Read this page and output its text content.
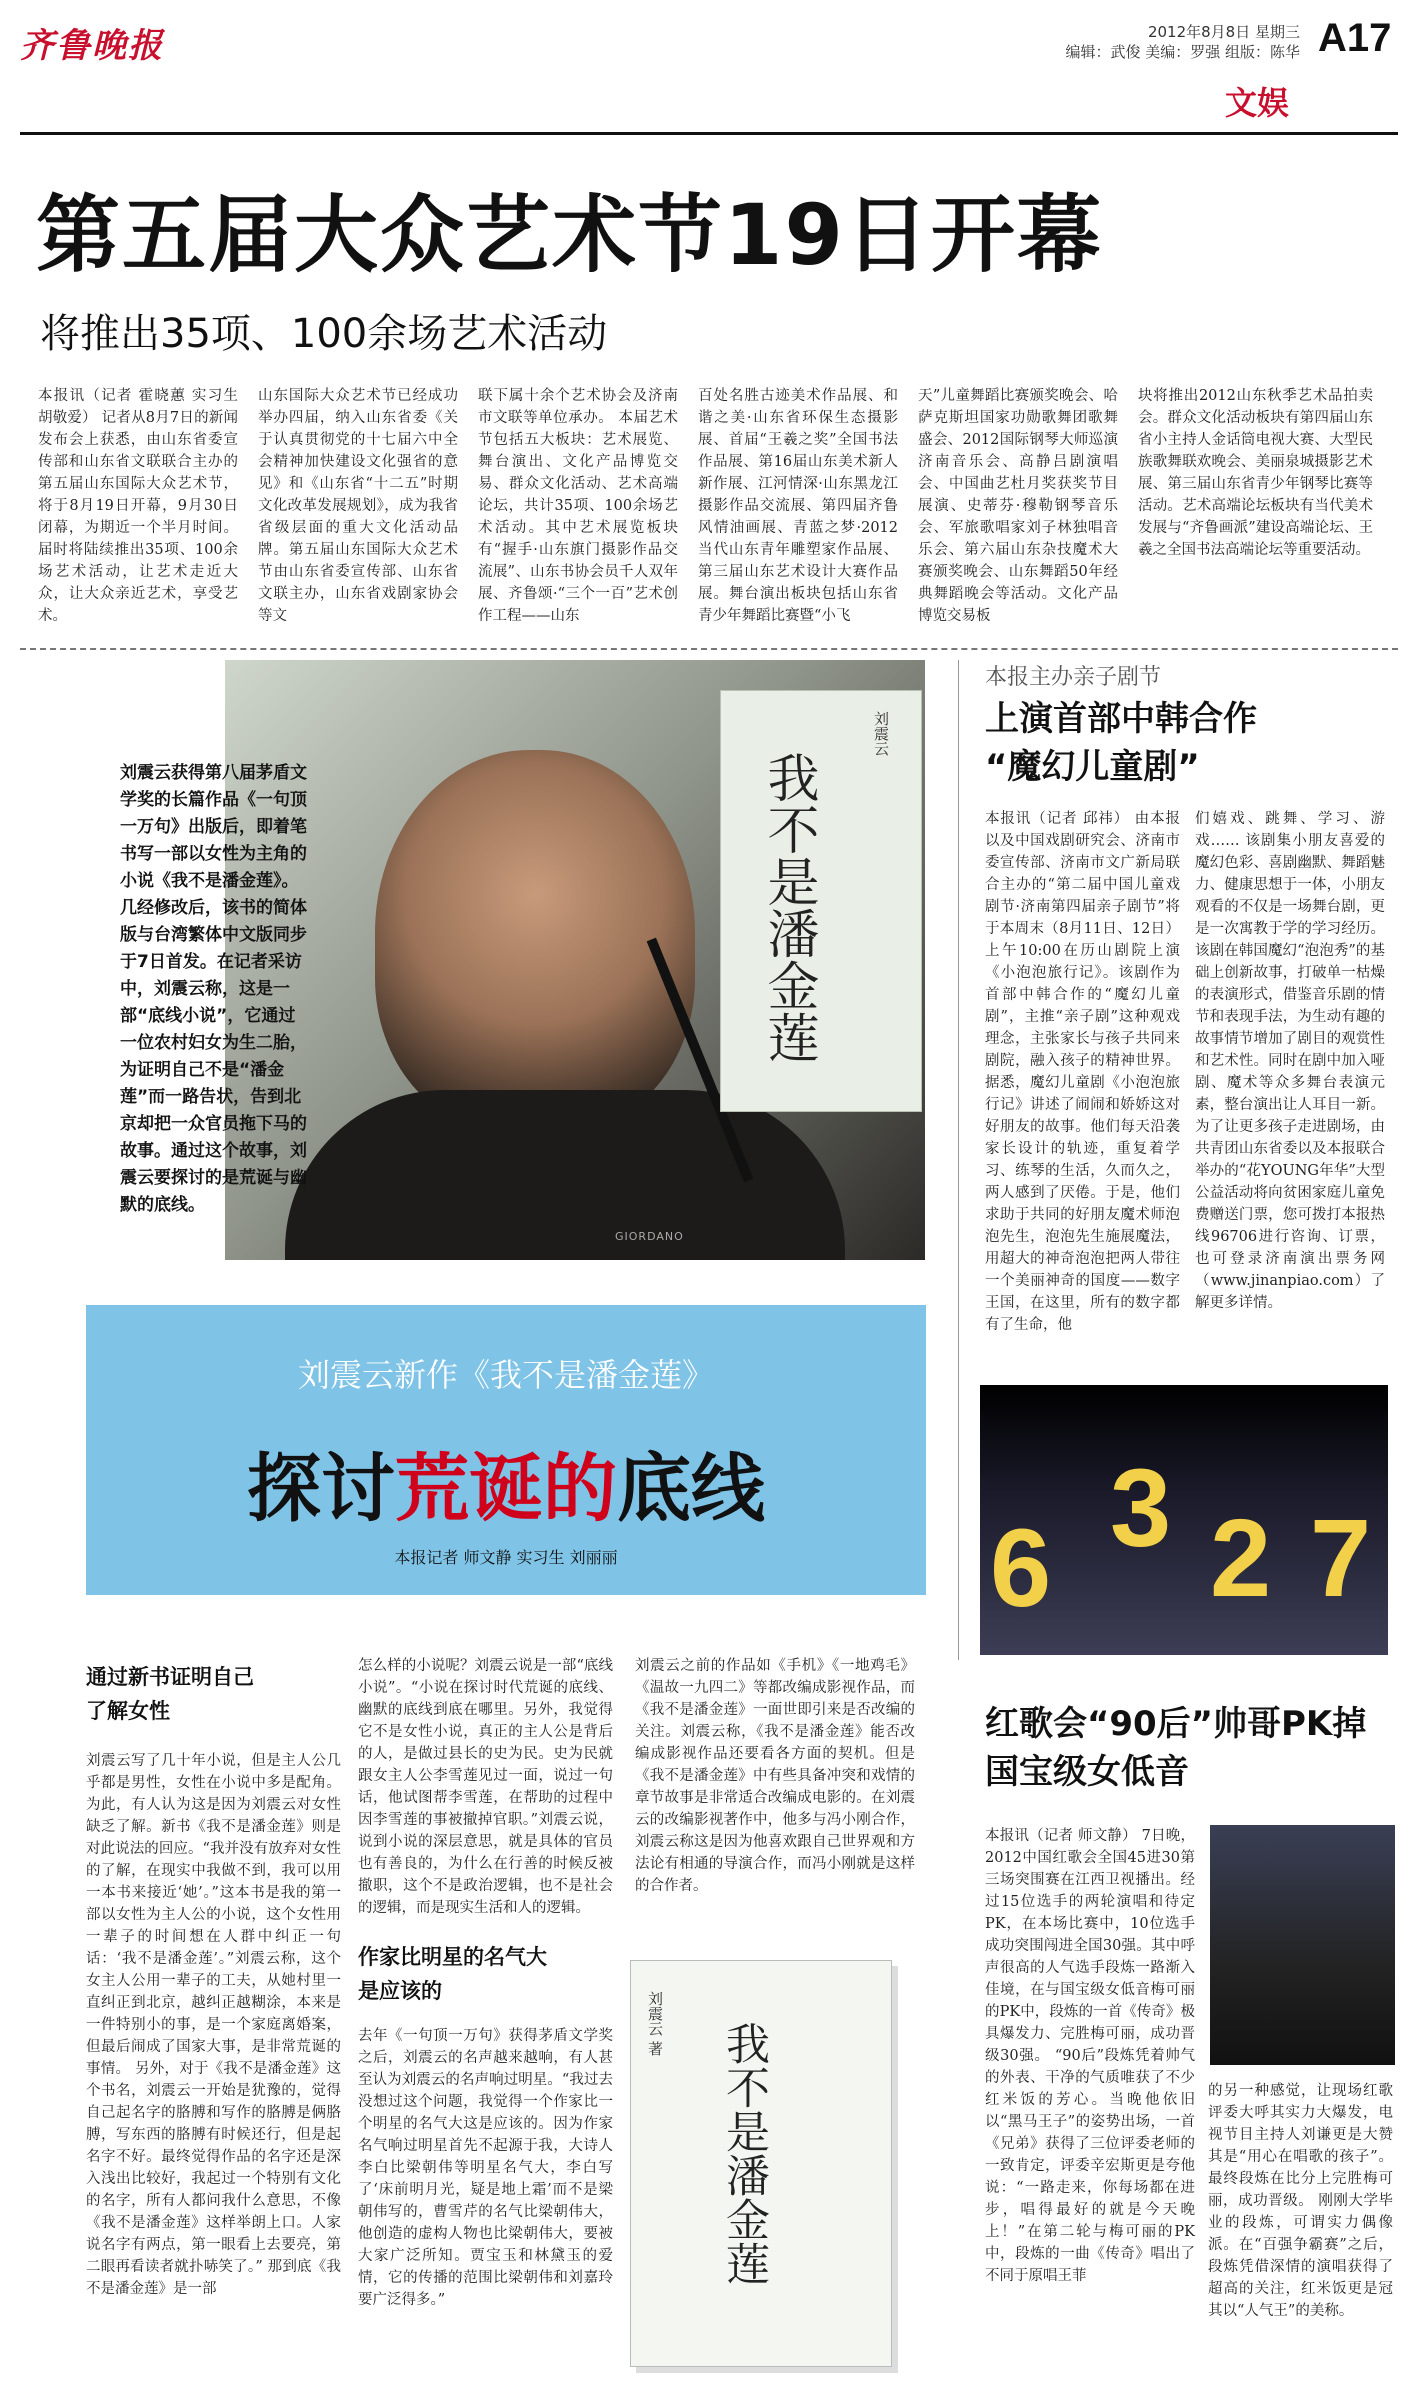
齐鲁晚报	2012年8月8日 星期三
编辑：武俊 美编：罗强 组版：陈华 A17
文娱
第五届大众艺术节19日开幕
将推出35项、100余场艺术活动
本报讯（记者 霍晓蕙 实习生 胡敬爱） 记者从8月7日的新闻发布会上获悉，由山东省委宣传部和山东省文联联合主办的第五届山东国际大众艺术节，将于8月19日开幕，9月30日闭幕，为期近一个半月时间。届时将陆续推出35项、100余场艺术活动，让艺术走近大众，让大众亲近艺术，享受艺术。
山东国际大众艺术节已经成功举办四届，纳入山东省委《关于认真贯彻党的十七届六中全会精神加快建设文化强省的意见》和《山东省“十二五”时期文化改革发展规划》，成为我省省级层面的重大文化活动品牌。第五届山东国际大众艺术节由山东省委宣传部、山东省文联主办，山东省戏剧家协会等文
联下属十余个艺术协会及济南市文联等单位承办。 本届艺术节包括五大板块：艺术展览、舞台演出、文化产品博览交易、群众文化活动、艺术高端论坛，共计35项、100余场艺术活动。其中艺术展览板块有“握手·山东旗门摄影作品交流展”、山东书协会员千人双年展、齐鲁颂·“三个一百”艺术创作工程——山东
百处名胜古迹美术作品展、和谐之美·山东省环保生态摄影展、首届“王羲之奖”全国书法作品展、第16届山东美术新人新作展、江河情深·山东黑龙江摄影作品交流展、第四届齐鲁风情油画展、青蓝之梦·2012当代山东青年雕塑家作品展、第三届山东艺术设计大赛作品展。舞台演出板块包括山东省青少年舞蹈比赛暨“小飞
天”儿童舞蹈比赛颁奖晚会、哈萨克斯坦国家功勋歌舞团歌舞盛会、2012国际钢琴大师巡演济南音乐会、高静吕剧演唱会、中国曲艺杜月奖获奖节目展演、史蒂芬·穆勒钢琴音乐会、军旅歌唱家刘子林独唱音乐会、第六届山东杂技魔术大赛颁奖晚会、山东舞蹈50年经典舞蹈晚会等活动。文化产品博览交易板
块将推出2012山东秋季艺术品拍卖会。群众文化活动板块有第四届山东省小主持人金话筒电视大赛、大型民族歌舞联欢晚会、美丽泉城摄影艺术展、第三届山东省青少年钢琴比赛等活动。艺术高端论坛板块有当代美术发展与“齐鲁画派”建设高端论坛、王羲之全国书法高端论坛等重要活动。
GIORDANO
我不是潘金莲
刘震云
刘震云获得第八届茅盾文学奖的长篇作品《一句顶一万句》出版后，即着笔书写一部以女性为主角的小说《我不是潘金莲》。几经修改后，该书的简体版与台湾繁体中文版同步于7日首发。在记者采访中，刘震云称，这是一部“底线小说”，它通过一位农村妇女为生二胎，为证明自己不是“潘金莲”而一路告状，告到北京却把一众官员拖下马的故事。通过这个故事，刘震云要探讨的是荒诞与幽默的底线。
刘震云新作《我不是潘金莲》
探讨荒诞的底线
本报记者 师文静 实习生 刘丽丽
通过新书证明自己
了解女性
刘震云写了几十年小说，但是主人公几乎都是男性，女性在小说中多是配角。为此，有人认为这是因为刘震云对女性缺乏了解。新书《我不是潘金莲》则是对此说法的回应。“我并没有放弃对女性的了解，在现实中我做不到，我可以用一本书来接近‘她’。”这本书是我的第一部以女性为主人公的小说，这个女性用一辈子的时间想在人群中纠正一句话：‘我不是潘金莲’。”刘震云称，这个女主人公用一辈子的工夫，从她村里一直纠正到北京，越纠正越糊涂，本来是一件特别小的事，是一个家庭离婚案，但最后闹成了国家大事，是非常荒诞的事情。 另外，对于《我不是潘金莲》这个书名，刘震云一开始是犹豫的，觉得自己起名字的胳膊和写作的胳膊是俩胳膊，写东西的胳膊有时候还行，但是起名字不好。最终觉得作品的名字还是深入浅出比较好，我起过一个特别有文化的名字，所有人都问我什么意思，不像《我不是潘金莲》这样举朗上口。人家说名字有两点，第一眼看上去要亮，第二眼再看读者就扑哧笑了。” 那到底《我不是潘金莲》是一部
怎么样的小说呢？刘震云说是一部“底线小说”。“小说在探讨时代荒诞的底线、幽默的底线到底在哪里。另外，我觉得它不是女性小说，真正的主人公是背后的人，是做过县长的史为民。史为民就跟女主人公李雪莲见过一面，说过一句话，他试图帮李雪莲，在帮助的过程中因李雪莲的事被撤掉官职。”刘震云说，说到小说的深层意思，就是具体的官员也有善良的，为什么在行善的时候反被撤职，这个不是政治逻辑，也不是社会的逻辑，而是现实生活和人的逻辑。
作家比明星的名气大
是应该的
去年《一句顶一万句》获得茅盾文学奖之后，刘震云的名声越来越响，有人甚至认为刘震云的名声响过明星。“我过去没想过这个问题，我觉得一个作家比一个明星的名气大这是应该的。因为作家名气响过明星首先不起源于我，大诗人李白比梁朝伟等明星名气大，李白写了‘床前明月光，疑是地上霜’而不是梁朝伟写的，曹雪芹的名气比梁朝伟大，他创造的虚构人物也比梁朝伟大，要被大家广泛所知。贾宝玉和林黛玉的爱情，它的传播的范围比梁朝伟和刘嘉玲要广泛得多。”
刘震云之前的作品如《手机》《一地鸡毛》《温故一九四二》等都改编成影视作品，而《我不是潘金莲》一面世即引来是否改编的关注。刘震云称，《我不是潘金莲》能否改编成影视作品还要看各方面的契机。但是《我不是潘金莲》中有些具备冲突和戏情的章节故事是非常适合改编成电影的。在刘震云的改编影视著作中，他多与冯小刚合作，刘震云称这是因为他喜欢跟自己世界观和方法论有相通的导演合作，而冯小刚就是这样的合作者。
我不是潘金莲
刘震云 著
本报主办亲子剧节
上演首部中韩合作
“魔幻儿童剧”
本报讯（记者 邱祎） 由本报以及中国戏剧研究会、济南市委宣传部、济南市文广新局联合主办的“第二届中国儿童戏剧节·济南第四届亲子剧节”将于本周末（8月11日、12日）上午10:00在历山剧院上演《小泡泡旅行记》。该剧作为首部中韩合作的“魔幻儿童剧”，主推“亲子剧”这种观戏理念，主张家长与孩子共同来剧院，融入孩子的精神世界。 据悉，魔幻儿童剧《小泡泡旅行记》讲述了闹闹和娇娇这对好朋友的故事。他们每天沿袭家长设计的轨迹，重复着学习、练琴的生活，久而久之，两人感到了厌倦。于是，他们求助于共同的好朋友魔术师泡泡先生，泡泡先生施展魔法，用超大的神奇泡泡把两人带往一个美丽神奇的国度——数字王国，在这里，所有的数字都有了生命，他
们嬉戏、跳舞、学习、游戏…… 该剧集小朋友喜爱的魔幻色彩、喜剧幽默、舞蹈魅力、健康思想于一体，小朋友观看的不仅是一场舞台剧，更是一次寓教于学的学习经历。该剧在韩国魔幻“泡泡秀”的基础上创新故事，打破单一枯燥的表演形式，借鉴音乐剧的情节和表现手法，为生动有趣的故事情节增加了剧目的观赏性和艺术性。同时在剧中加入哑剧、魔术等众多舞台表演元素，整台演出让人耳目一新。 为了让更多孩子走进剧场，由共青团山东省委以及本报联合举办的“花YOUNG年华”大型公益活动将向贫困家庭儿童免费赠送门票，您可拨打本报热线96706进行咨询、订票，也可登录济南演出票务网（www.jinanpiao.com）了解更多详情。
6 3 2 7
红歌会“90后”帅哥PK掉
国宝级女低音
本报讯（记者 师文静） 7日晚，2012中国红歌会全国45进30第三场突围赛在江西卫视播出。经过15位选手的两轮演唱和待定PK，在本场比赛中，10位选手成功突围闯进全国30强。其中呼声很高的人气选手段炼一路渐入佳境，在与国宝级女低音梅可丽的PK中，段炼的一首《传奇》极具爆发力、完胜梅可丽，成功晋级30强。 “90后”段炼凭着帅气的外表、干净的气质唯获了不少红米饭的芳心。当晚他依旧以“黑马王子”的姿势出场，一首《兄弟》获得了三位评委老师的一致肯定，评委辛宏斯更是夸他说：“一路走来，你每场都在进步，唱得最好的就是今天晚上！”在第二轮与梅可丽的PK中，段炼的一曲《传奇》唱出了不同于原唱王菲
的另一种感觉，让现场红歌评委大呼其实力大爆发，电视节目主持人刘谦更是大赞其是“用心在唱歌的孩子”。最终段炼在比分上完胜梅可丽，成功晋级。 刚刚大学毕业的段炼，可谓实力偶像派。在“百强争霸赛”之后，段炼凭借深情的演唱获得了超高的关注，红米饭更是冠其以“人气王”的美称。
